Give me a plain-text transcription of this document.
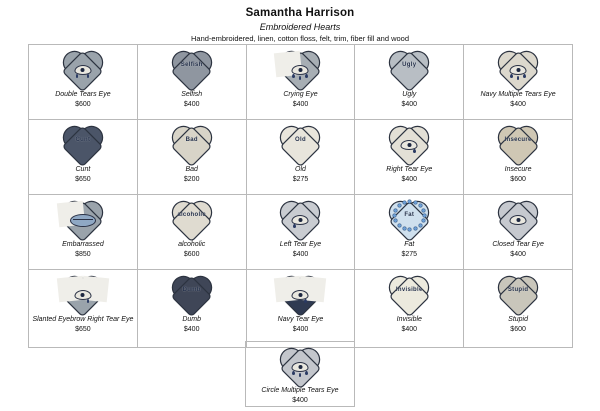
Samantha Harrison
Embroidered Hearts
Hand-embroidered, linen, cotton floss, felt, trim, fiber fill and wood
Double Tears Eye
$600
Selfish
Selfish
$400
Crying Eye
$400
Ugly
Ugly
$400
Navy Multiple Tears Eye
$400
Cunt
Cunt
$650
Bad
Bad
$200
Old
Old
$275
Right Tear Eye
$400
Insecure
Insecure
$600
Embarrassed
$850
alcoholic
alcoholic
$600
Left Tear Eye
$400
Fat
Fat
$275
Closed Tear Eye
$400
Slanted Eyebrow Right Tear Eye
$650
Dumb
Dumb
$400
Navy Tear Eye
$400
Invisible
Invisible
$400
Stupid
Stupid
$600
Circle Multiple Tears Eye
$400
